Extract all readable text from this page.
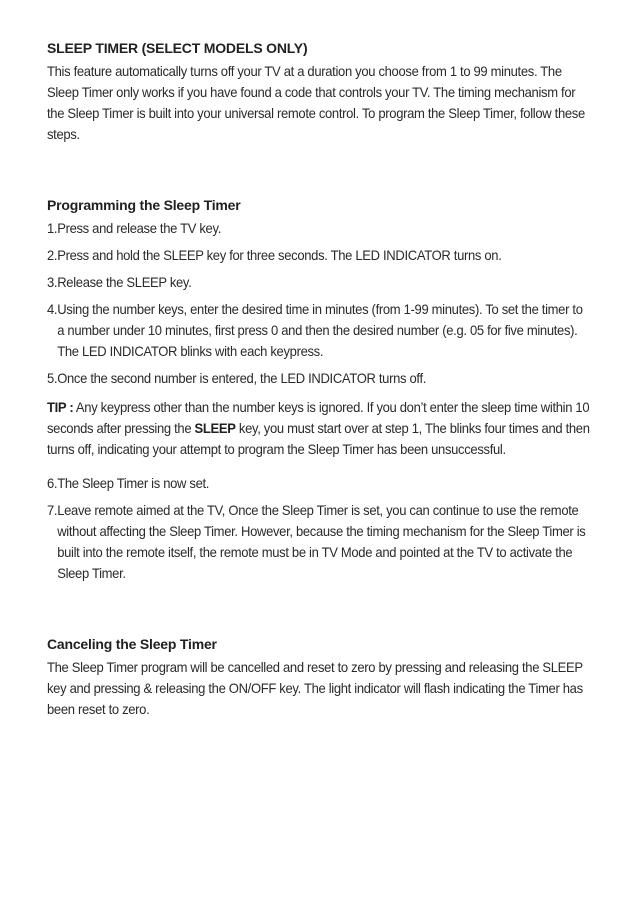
SLEEP TIMER (SELECT MODELS ONLY)

This feature automatically turns off your TV at a duration you choose from 1 to 99 minutes. The Sleep Timer only works if you have found a code that controls your TV. The timing mechanism for the Sleep Timer is built into your universal remote control. To program the Sleep Timer, follow these steps.

Programming the Sleep Timer
1. Press and release the TV key.
2. Press and hold the SLEEP key for three seconds. The LED INDICATOR turns on.
3. Release the SLEEP key.
4. Using the number keys, enter the desired time in minutes (from 1-99 minutes). To set the timer to a number under 10 minutes, first press 0 and then the desired number (e.g. 05 for five minutes). The LED INDICATOR blinks with each keypress.
5. Once the second number is entered, the LED INDICATOR turns off.

TIP : Any keypress other than the number keys is ignored. If you don’t enter the sleep time within 10 seconds after pressing the SLEEP key, you must start over at step 1, The blinks four times and then turns off, indicating your attempt to program the Sleep Timer has been unsuccessful.

6. The Sleep Timer is now set.
7. Leave remote aimed at the TV, Once the Sleep Timer is set, you can continue to use the remote without affecting the Sleep Timer. However, because the timing mechanism for the Sleep Timer is built into the remote itself, the remote must be in TV Mode and pointed at the TV to activate the Sleep Timer.
Canceling the Sleep Timer

The Sleep Timer program will be cancelled and reset to zero by pressing and releasing the SLEEP key and pressing & releasing the ON/OFF key. The light indicator will flash indicating the Timer has been reset to zero.
